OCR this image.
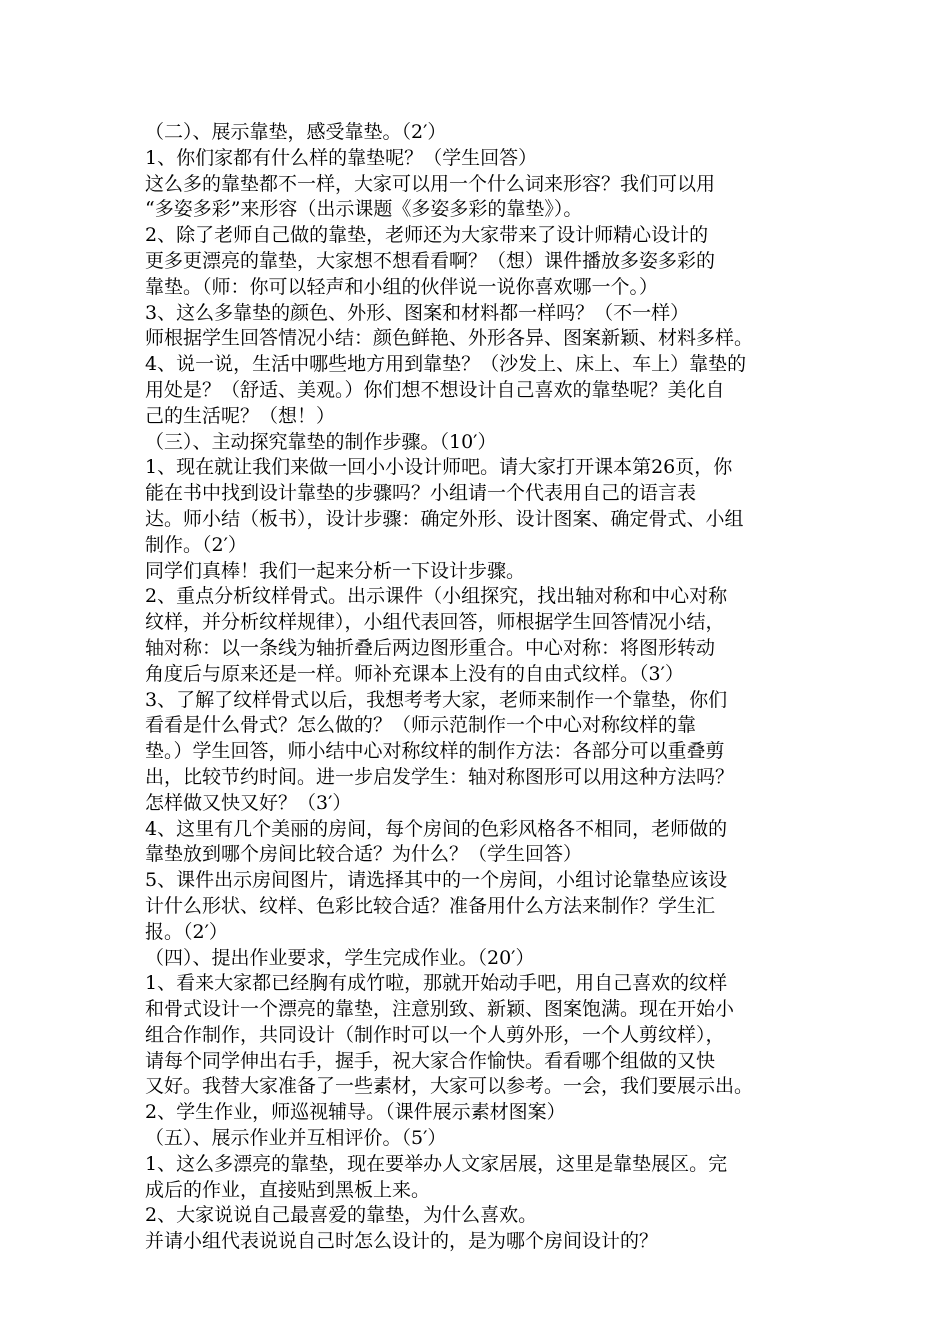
（二）、展示靠垫，感受靠垫。（2′）
1、你们家都有什么样的靠垫呢？（学生回答）
这么多的靠垫都不一样，大家可以用一个什么词来形容？我们可以用
“多姿多彩”来形容（出示课题《多姿多彩的靠垫》）。
2、除了老师自己做的靠垫，老师还为大家带来了设计师精心设计的
更多更漂亮的靠垫，大家想不想看看啊？（想）课件播放多姿多彩的
靠垫。（师：你可以轻声和小组的伙伴说一说你喜欢哪一个。）
3、这么多靠垫的颜色、外形、图案和材料都一样吗？（不一样）
师根据学生回答情况小结：颜色鲜艳、外形各异、图案新颖、材料多样。
4、说一说，生活中哪些地方用到靠垫？（沙发上、床上、车上）靠垫的
用处是？（舒适、美观。）你们想不想设计自己喜欢的靠垫呢？美化自
己的生活呢？（想！）
（三）、主动探究靠垫的制作步骤。（10′）
1、现在就让我们来做一回小小设计师吧。请大家打开课本第26页，你
能在书中找到设计靠垫的步骤吗？小组请一个代表用自己的语言表
达。师小结（板书），设计步骤：确定外形、设计图案、确定骨式、小组
制作。（2′）
同学们真棒！我们一起来分析一下设计步骤。
2、重点分析纹样骨式。出示课件（小组探究，找出轴对称和中心对称
纹样，并分析纹样规律），小组代表回答，师根据学生回答情况小结，
轴对称：以一条线为轴折叠后两边图形重合。中心对称：将图形转动
角度后与原来还是一样。师补充课本上没有的自由式纹样。（3′）
3、了解了纹样骨式以后，我想考考大家，老师来制作一个靠垫，你们
看看是什么骨式？怎么做的？（师示范制作一个中心对称纹样的靠
垫。）学生回答，师小结中心对称纹样的制作方法：各部分可以重叠剪
出，比较节约时间。进一步启发学生：轴对称图形可以用这种方法吗？
怎样做又快又好？（3′）
4、这里有几个美丽的房间，每个房间的色彩风格各不相同，老师做的
靠垫放到哪个房间比较合适？为什么？（学生回答）
5、课件出示房间图片，请选择其中的一个房间，小组讨论靠垫应该设
计什么形状、纹样、色彩比较合适？准备用什么方法来制作？学生汇
报。（2′）
（四）、提出作业要求，学生完成作业。（20′）
1、看来大家都已经胸有成竹啦，那就开始动手吧，用自己喜欢的纹样
和骨式设计一个漂亮的靠垫，注意别致、新颖、图案饱满。现在开始小
组合作制作，共同设计（制作时可以一个人剪外形，一个人剪纹样），
请每个同学伸出右手，握手，祝大家合作愉快。看看哪个组做的又快
又好。我替大家准备了一些素材，大家可以参考。一会，我们要展示出。
2、学生作业，师巡视辅导。（课件展示素材图案）
（五）、展示作业并互相评价。（5′）
1、这么多漂亮的靠垫，现在要举办人文家居展，这里是靠垫展区。完
成后的作业，直接贴到黑板上来。
2、大家说说自己最喜爱的靠垫，为什么喜欢。
并请小组代表说说自己时怎么设计的，是为哪个房间设计的？
